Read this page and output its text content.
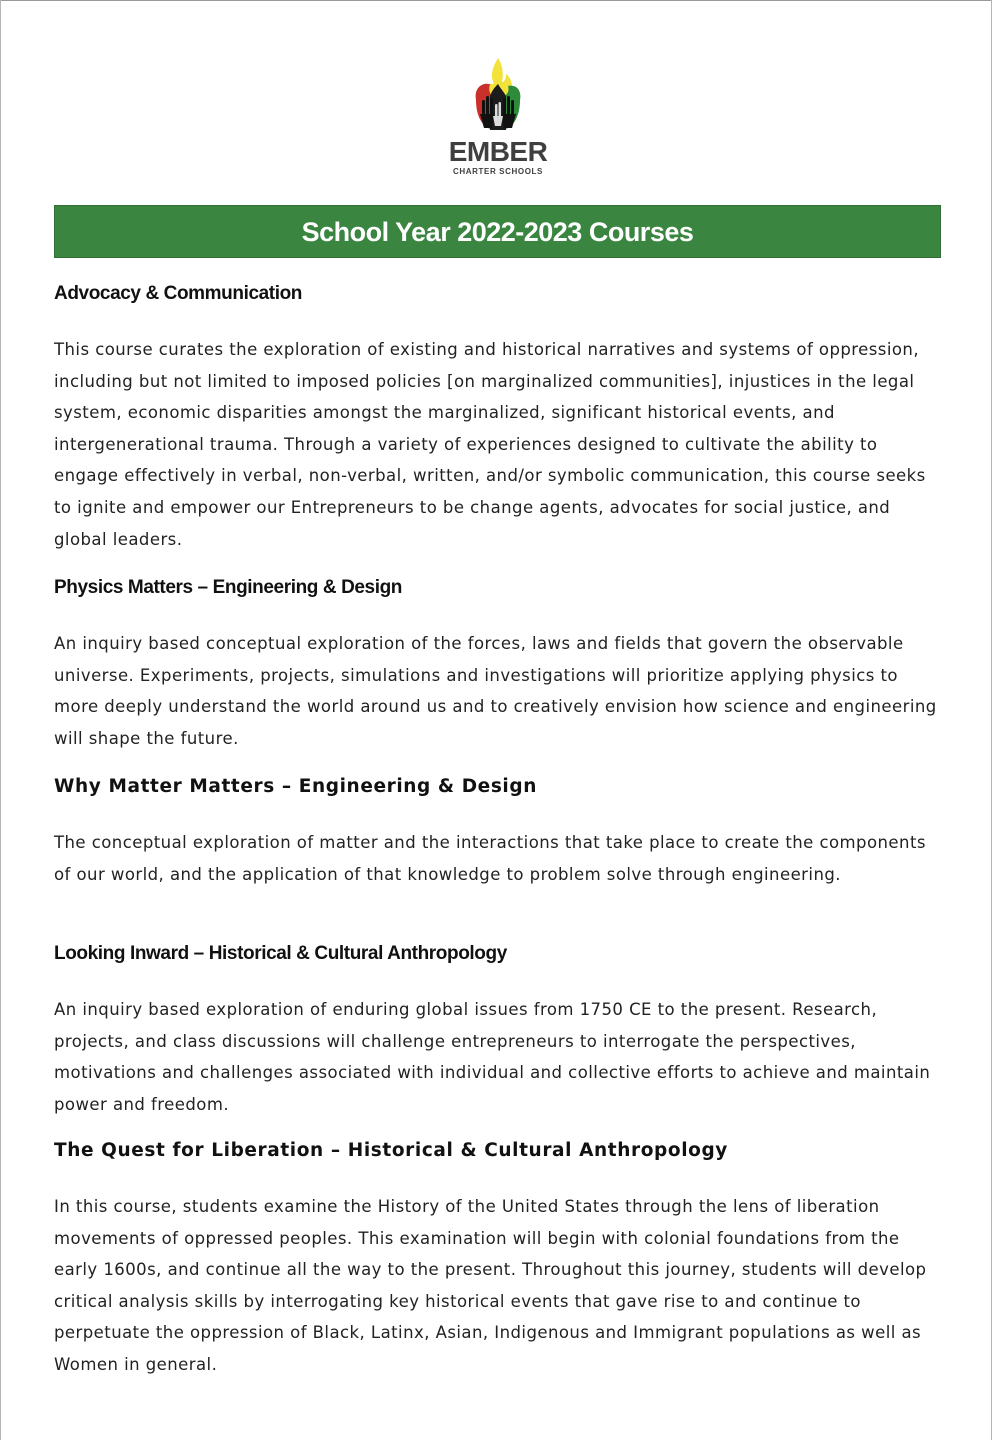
EMBER
CHARTER SCHOOLS
School Year 2022-2023 Courses
Advocacy & Communication

This course curates the exploration of existing and historical narratives and systems of oppression, including but not limited to imposed policies [on marginalized communities], injustices in the legal system, economic disparities amongst the marginalized, significant historical events, and intergenerational trauma. Through a variety of experiences designed to cultivate the ability to engage effectively in verbal, non-verbal, written, and/or symbolic communication, this course seeks to ignite and empower our Entrepreneurs to be change agents, advocates for social justice, and global leaders.

Physics Matters – Engineering & Design

An inquiry based conceptual exploration of the forces, laws and fields that govern the observable universe. Experiments, projects, simulations and investigations will prioritize applying physics to more deeply understand the world around us and to creatively envision how science and engineering will shape the future.

Why Matter Matters – Engineering & Design

The conceptual exploration of matter and the interactions that take place to create the components of our world, and the application of that knowledge to problem solve through engineering.

Looking Inward – Historical & Cultural Anthropology

An inquiry based exploration of enduring global issues from 1750 CE to the present. Research, projects, and class discussions will challenge entrepreneurs to interrogate the perspectives, motivations and challenges associated with individual and collective efforts to achieve and maintain power and freedom.

The Quest for Liberation – Historical & Cultural Anthropology

In this course, students examine the History of the United States through the lens of liberation movements of oppressed peoples. This examination will begin with colonial foundations from the early 1600s, and continue all the way to the present. Throughout this journey, students will develop critical analysis skills by interrogating key historical events that gave rise to and continue to perpetuate the oppression of Black, Latinx, Asian, Indigenous and Immigrant populations as well as Women in general.
